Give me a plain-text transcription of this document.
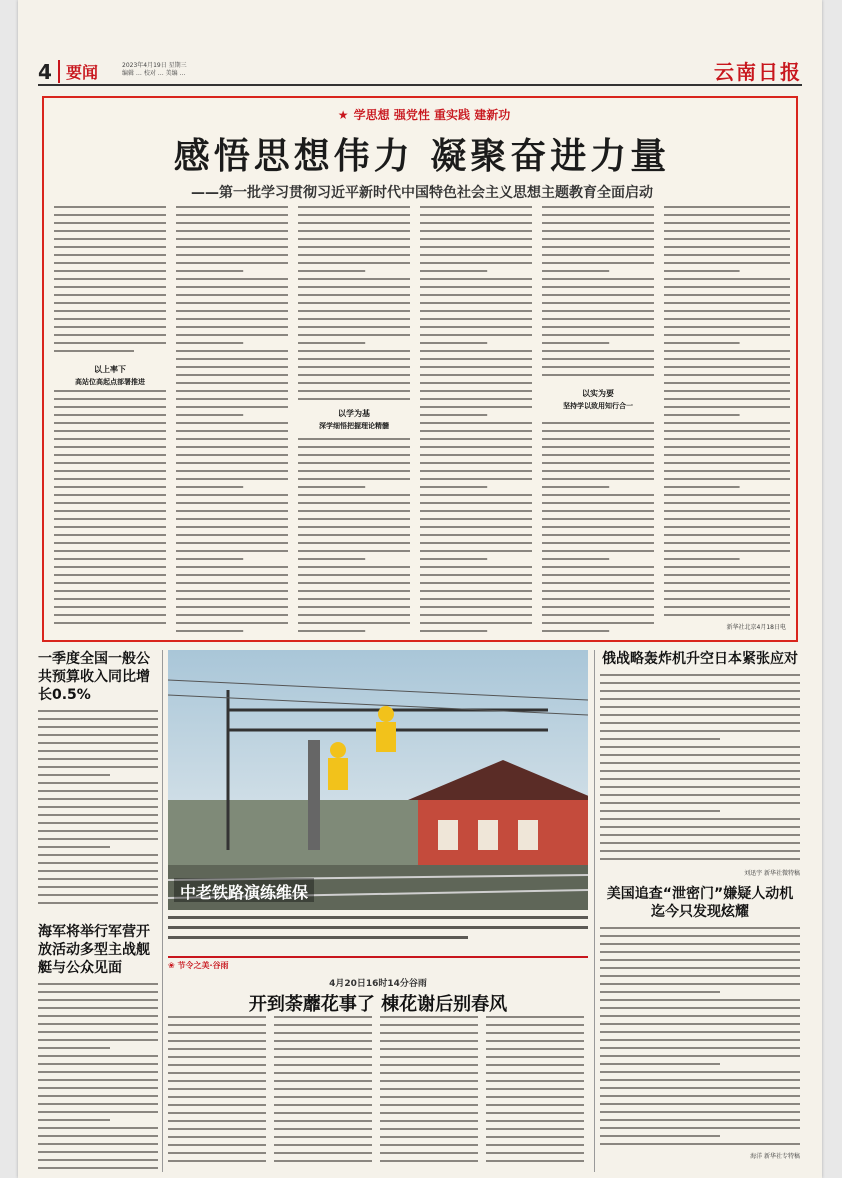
4 要闻	2023年4月19日 星期三
编辑 … 校对 … 美编 …	云南日报
★ 学思想 强党性 重实践 建新功
感悟思想伟力 凝聚奋进力量
——第一批学习贯彻习近平新时代中国特色社会主义思想主题教育全面启动
以上率下
高站位高起点部署推进
以学为基
深学细悟把握理论精髓
以实为要
坚持学以致用知行合一
新华社北京4月18日电
一季度全国一般公共预算收入同比增长0.5%
海军将举行军营开放活动多型主战舰艇与公众见面
中老铁路演练维保
❀ 节令之美·谷雨
4月20日16时14分谷雨
开到荼蘼花事了 棟花谢后别春风
俄战略轰炸机升空日本紧张应对
刘迅宇 新华社微特稿
美国追查“泄密门”嫌疑人动机迄今只发现炫耀
海洋 新华社专特稿
